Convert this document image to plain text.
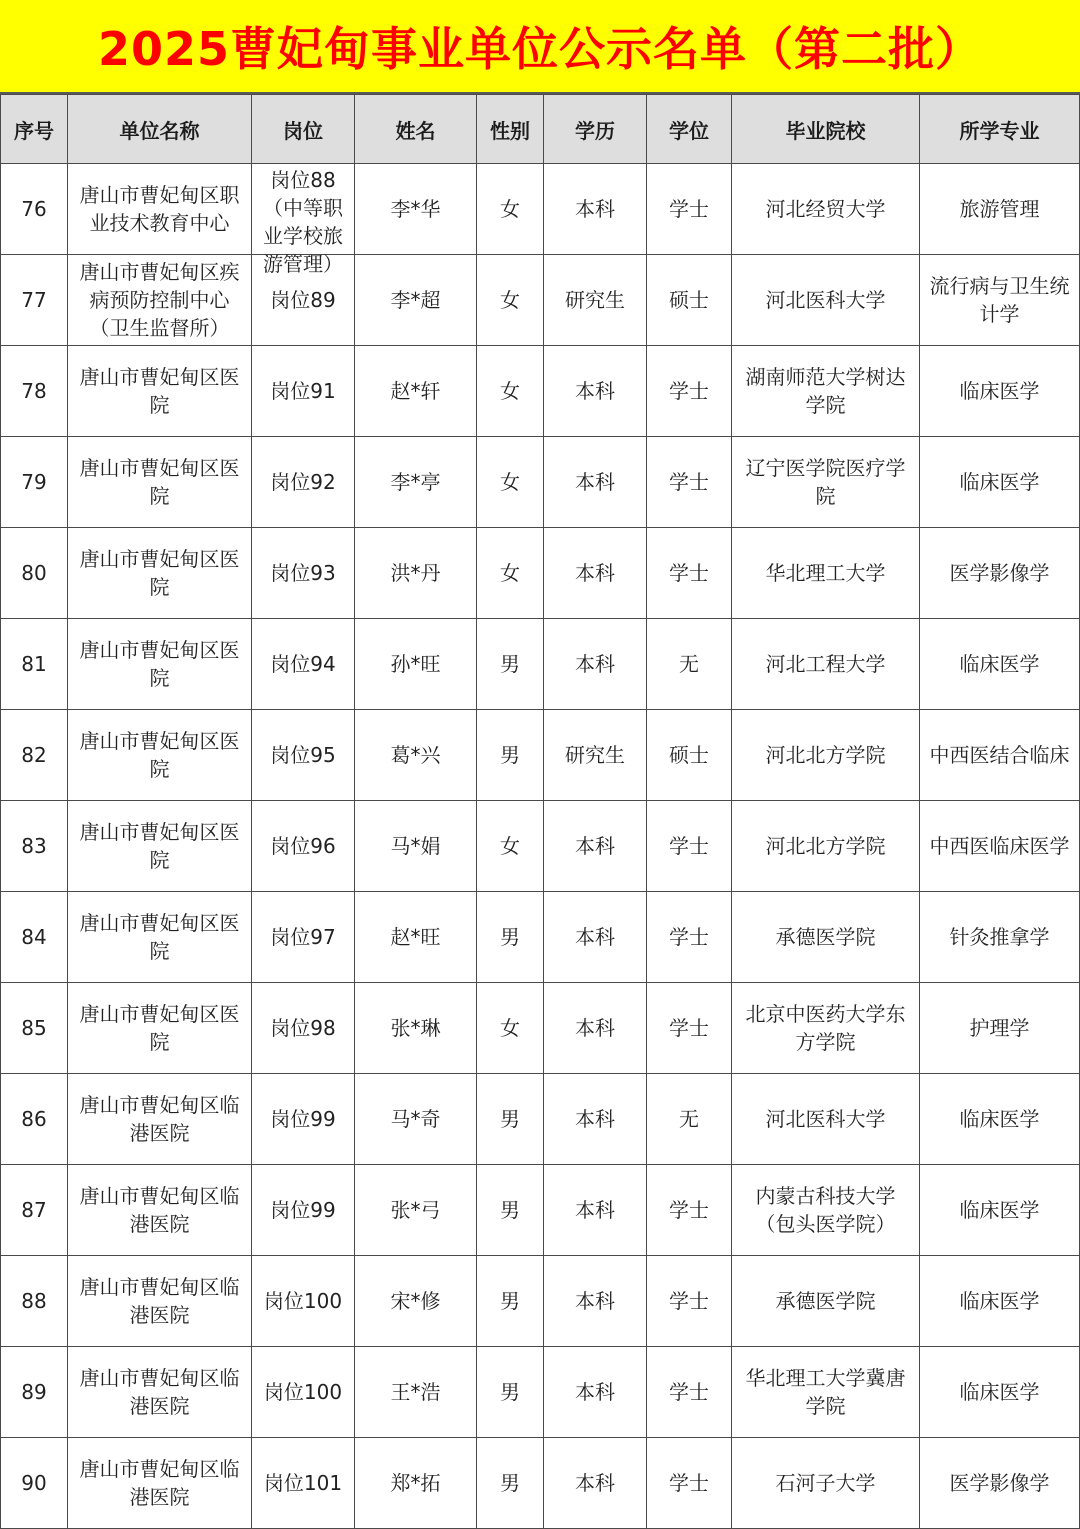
2025曹妃甸事业单位公示名单（第二批）
序号	单位名称	岗位	姓名	性别	学历	学位	毕业院校	所学专业

76	唐山市曹妃甸区职业技术教育中心	岗位88（中等职业学校旅游管理）	李*华	女	本科	学士	河北经贸大学	旅游管理

77	唐山市曹妃甸区疾病预防控制中心（卫生监督所）	岗位89	李*超	女	研究生	硕士	河北医科大学	流行病与卫生统计学

78	唐山市曹妃甸区医院	岗位91	赵*轩	女	本科	学士	湖南师范大学树达学院	临床医学

79	唐山市曹妃甸区医院	岗位92	李*亭	女	本科	学士	辽宁医学院医疗学院	临床医学

80	唐山市曹妃甸区医院	岗位93	洪*丹	女	本科	学士	华北理工大学	医学影像学

81	唐山市曹妃甸区医院	岗位94	孙*旺	男	本科	无	河北工程大学	临床医学

82	唐山市曹妃甸区医院	岗位95	葛*兴	男	研究生	硕士	河北北方学院	中西医结合临床

83	唐山市曹妃甸区医院	岗位96	马*娟	女	本科	学士	河北北方学院	中西医临床医学

84	唐山市曹妃甸区医院	岗位97	赵*旺	男	本科	学士	承德医学院	针灸推拿学

85	唐山市曹妃甸区医院	岗位98	张*琳	女	本科	学士	北京中医药大学东方学院	护理学

86	唐山市曹妃甸区临港医院	岗位99	马*奇	男	本科	无	河北医科大学	临床医学

87	唐山市曹妃甸区临港医院	岗位99	张*弓	男	本科	学士	内蒙古科技大学（包头医学院）	临床医学

88	唐山市曹妃甸区临港医院	岗位100	宋*修	男	本科	学士	承德医学院	临床医学

89	唐山市曹妃甸区临港医院	岗位100	王*浩	男	本科	学士	华北理工大学冀唐学院	临床医学

90	唐山市曹妃甸区临港医院	岗位101	郑*拓	男	本科	学士	石河子大学	医学影像学
